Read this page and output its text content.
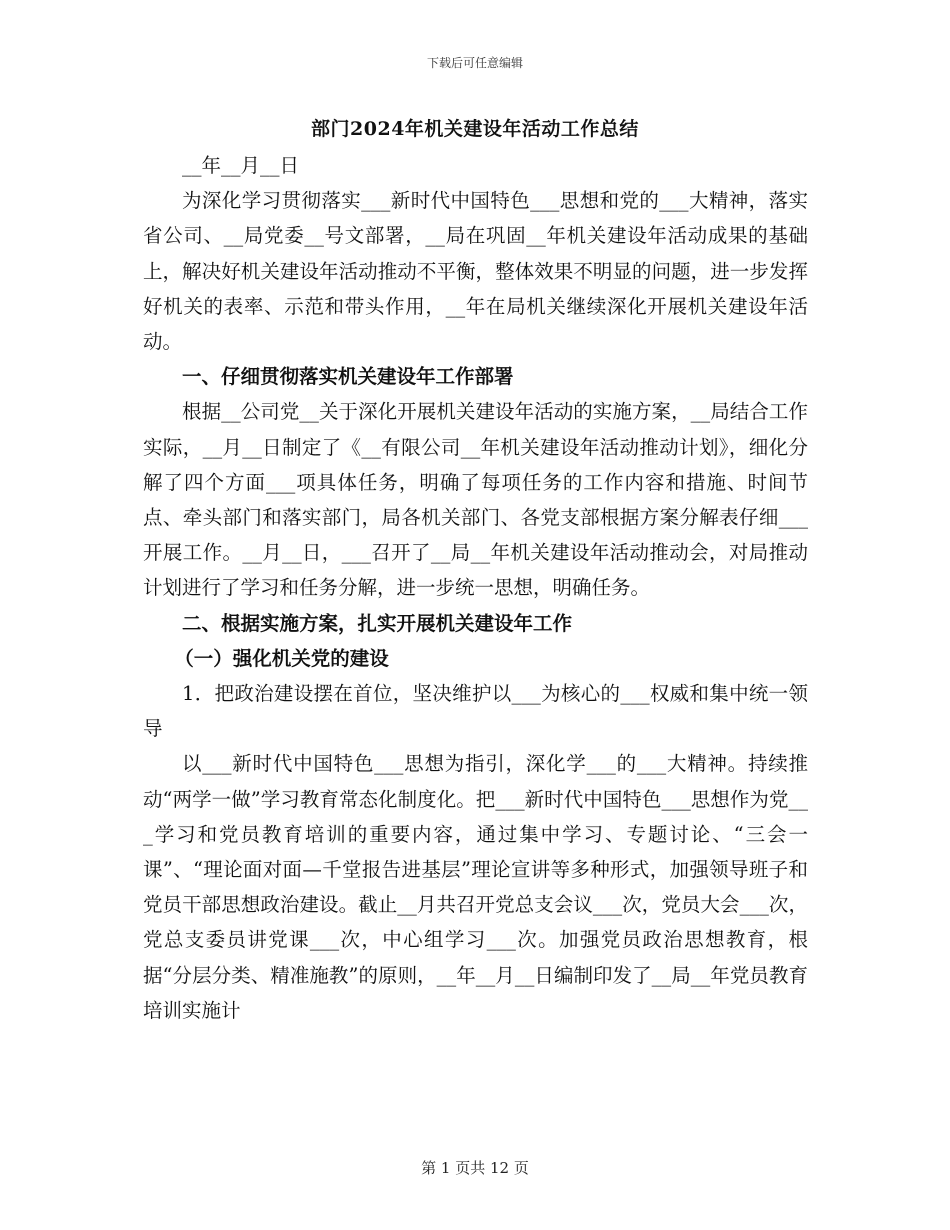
下载后可任意编辑
部门2024年机关建设年活动工作总结

__年__月__日

为深化学习贯彻落实___新时代中国特色___思想和党的___大精神，落实省公司、__局党委__号文部署，__局在巩固__年机关建设年活动成果的基础上，解决好机关建设年活动推动不平衡，整体效果不明显的问题，进一步发挥好机关的表率、示范和带头作用，__年在局机关继续深化开展机关建设年活动。

一、仔细贯彻落实机关建设年工作部署

根据__公司党__关于深化开展机关建设年活动的实施方案，__局结合工作实际，__月__日制定了《__有限公司__年机关建设年活动推动计划》，细化分解了四个方面___项具体任务，明确了每项任务的工作内容和措施、时间节点、牵头部门和落实部门，局各机关部门、各党支部根据方案分解表仔细___开展工作。__月__日，___召开了__局__年机关建设年活动推动会，对局推动计划进行了学习和任务分解，进一步统一思想，明确任务。

二、根据实施方案，扎实开展机关建设年工作

（一）强化机关党的建设

1．把政治建设摆在首位，坚决维护以___为核心的___权威和集中统一领导

以___新时代中国特色___思想为指引，深化学___的___大精神。持续推动“两学一做”学习教育常态化制度化。把___新时代中国特色___思想作为党___学习和党员教育培训的重要内容，通过集中学习、专题讨论、“三会一课”、“理论面对面—千堂报告进基层”理论宣讲等多种形式，加强领导班子和党员干部思想政治建设。截止__月共召开党总支会议___次，党员大会___次，党总支委员讲党课___次，中心组学习___次。加强党员政治思想教育，根据“分层分类、精准施教”的原则，__年__月__日编制印发了__局__年党员教育培训实施计

第 1 页共 12 页
